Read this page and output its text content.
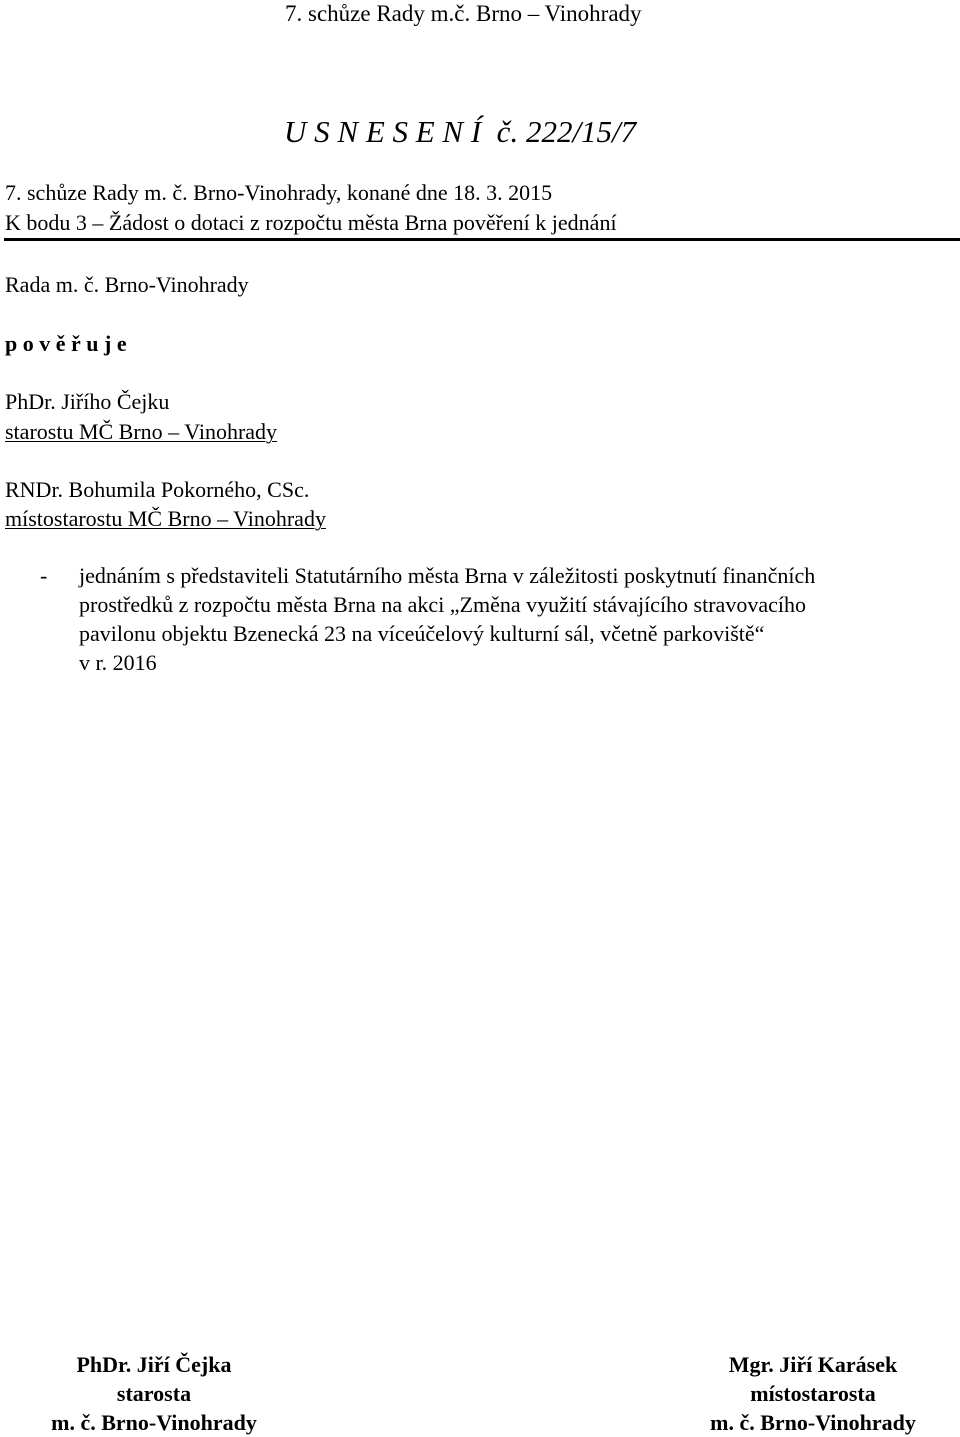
7. schůze Rady m.č. Brno – Vinohrady
U S N E S E N Í  č. 222/15/7
7. schůze Rady m. č. Brno-Vinohrady, konané dne 18. 3. 2015
K bodu 3 – Žádost o dotaci z rozpočtu města Brna pověření k jednání
Rada m. č. Brno-Vinohrady
p o v ě ř u j e
PhDr. Jiřího Čejku
starostu MČ Brno – Vinohrady
RNDr. Bohumila Pokorného, CSc.
místostarostu MČ Brno – Vinohrady
- jednáním s představiteli Statutárního města Brna v záležitosti poskytnutí finančních
prostředků z rozpočtu města Brna na akci „Změna využití stávajícího stravovacího
pavilonu objektu Bzenecká 23 na víceúčelový kulturní sál, včetně parkoviště“
v r. 2016
PhDr. Jiří Čejka
starosta
m. č. Brno-Vinohrady
Mgr. Jiří Karásek
místostarosta
m. č. Brno-Vinohrady
